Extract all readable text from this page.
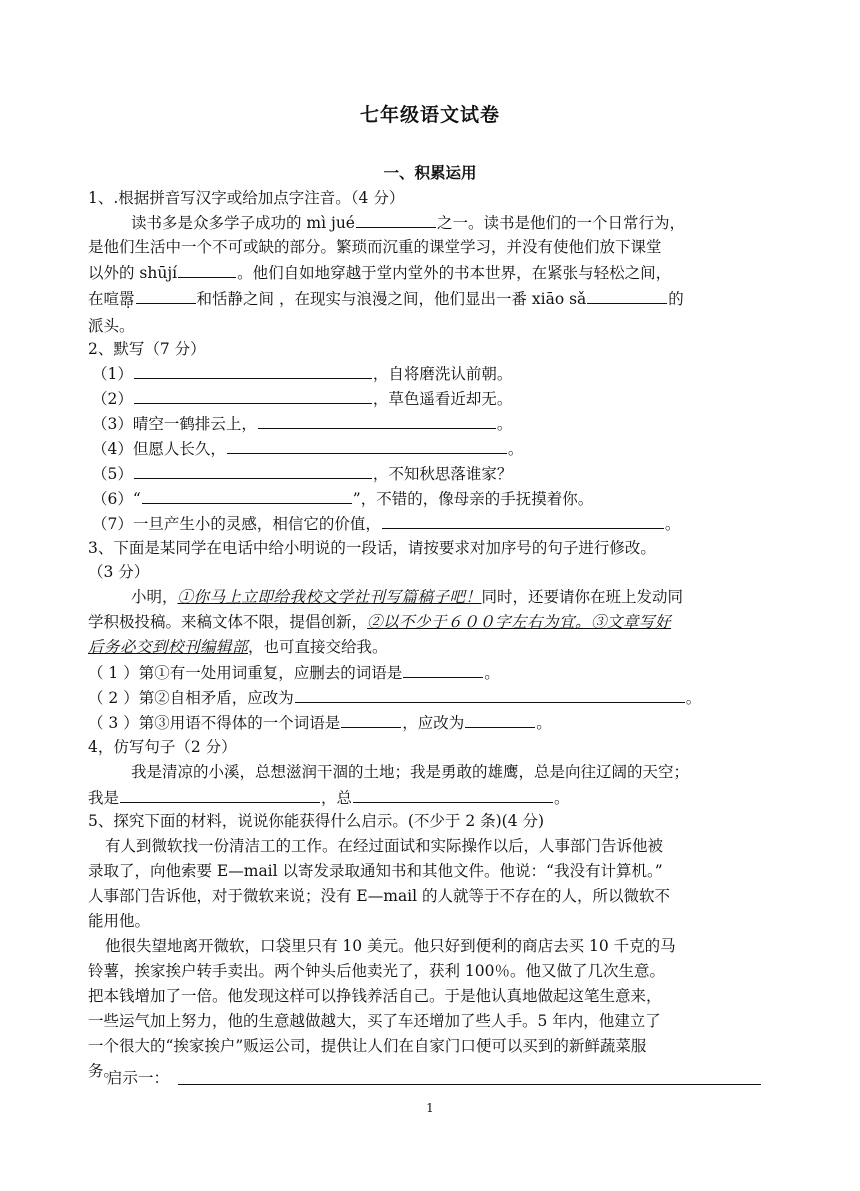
七年级语文试卷
一、积累运用
1、.根据拼音写汉字或给加点字注音。（4 分）
读书多是众多学子成功的 mì jué	之一。读书是他们的一个日常行为，
是他们生活中一个不可或缺的部分。繁琐而沉重的课堂学习，并没有使他们放下课堂
以外的 shūjí	。他们自如地穿越于堂内堂外的书本世界，在紧张与轻松之间，
在喧嚣	和恬静之间 ，在现实与浪漫之间，他们显出一番 xiāo sǎ	的
派头。
2、默写（7 分）
（1）	，自将磨洗认前朝。
（2）	，草色遥看近却无。
（3）晴空一鹤排云上，	。
（4）但愿人长久，	。
（5）	，不知秋思落谁家？
（6）“	”，不错的，像母亲的手抚摸着你。
（7）一旦产生小的灵感，相信它的价值，	。
3、下面是某同学在电话中给小明说的一段话，请按要求对加序号的句子进行修改。
（3 分）
小明，①你马上立即给我校文学社刊写篇稿子吧！同时，还要请你在班上发动同
学积极投稿。来稿文体不限，提倡创新，②以不少于６００字左右为宜。③文章写好
后务必交到校刊编辑部，也可直接交给我。
（ 1 ）第①有一处用词重复，应删去的词语是	。
（ 2 ）第②自相矛盾，应改为	。
（ 3 ）第③用语不得体的一个词语是	，应改为	。
4，仿写句子（2 分）
我是清凉的小溪，总想滋润干涸的土地；我是勇敢的雄鹰，总是向往辽阔的天空；
我是	，总	。
5、探究下面的材料，说说你能获得什么启示。(不少于 2 条)(4 分)
有人到微软找一份清洁工的工作。在经过面试和实际操作以后，人事部门告诉他被
录取了，向他索要 E—mail 以寄发录取通知书和其他文件。他说：“我没有计算机。”
人事部门告诉他，对于微软来说；没有 E—mail 的人就等于不存在的人，所以微软不
能用他。
他很失望地离开微软，口袋里只有 10 美元。他只好到便利的商店去买 10 千克的马
铃薯，挨家挨户转手卖出。两个钟头后他卖光了，获利 100％。他又做了几次生意。
把本钱增加了一倍。他发现这样可以挣钱养活自己。于是他认真地做起这笔生意来，
一些运气加上努力，他的生意越做越大，买了车还增加了些人手。5 年内，他建立了
一个很大的“挨家挨户”贩运公司，提供让人们在自家门口便可以买到的新鲜蔬菜服
务。
启示一：
1
